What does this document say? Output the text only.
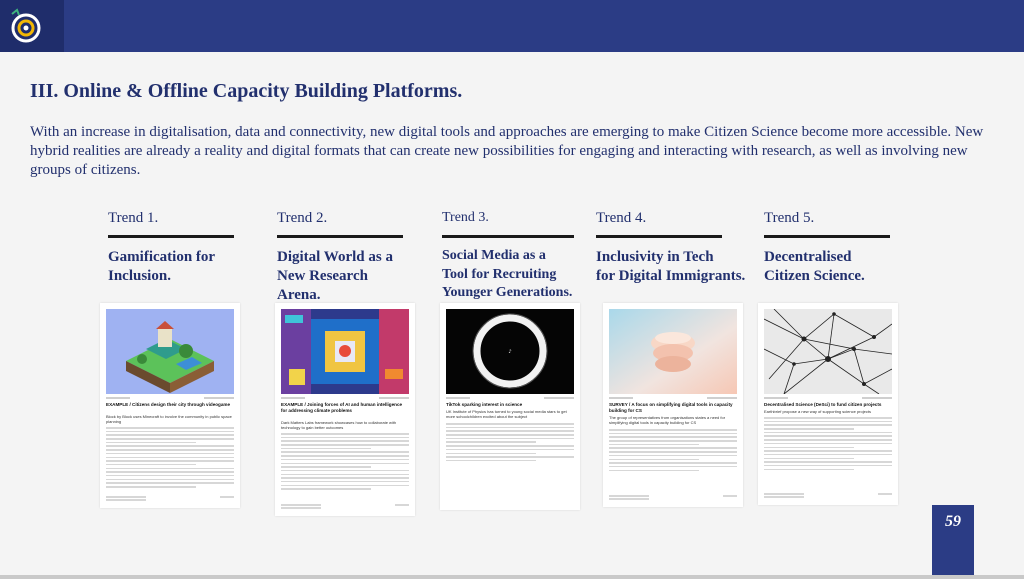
III. Online & Offline Capacity Building Platforms.
With an increase in digitalisation, data and connectivity, new digital tools and approaches are emerging to make Citizen Science become more accessible. New hybrid realities are already a reality and digital formats that can create new possibilities for engaging and interacting with research, as well as involving new groups of citizens.
Trend 1.
Gamification for
Inclusion.
EXAMPLE / Citizens design their city through videogame
Block by Block uses Minecraft to involve the community in public space planning
Trend 2.
Digital World as a
New Research
Arena.
EXAMPLE / Joining forces of AI and human intelligence for addressing climate problems
Dark Matters Labs framework showcases how to collaborate with technology to gain better outcomes
Trend 3.
Social Media as a
Tool for Recruiting
Younger Generations.
♪
TikTok sparking interest in science
UK Institute of Physics has turned to young social media stars to get more schoolchildren excited about the subject
Trend 4.
Inclusivity in Tech
for Digital Immigrants.
SURVEY / A focus on simplifying digital tools in capacity building for CS
The group of representatives from organisations states a need for simplifying digital tools in capacity building for CS
Trend 5.
Decentralised
Citizen Science.
Decentralised Science (DeSci) to fund citizen projects
Earthbrief propose a new way of supporting science projects
59
